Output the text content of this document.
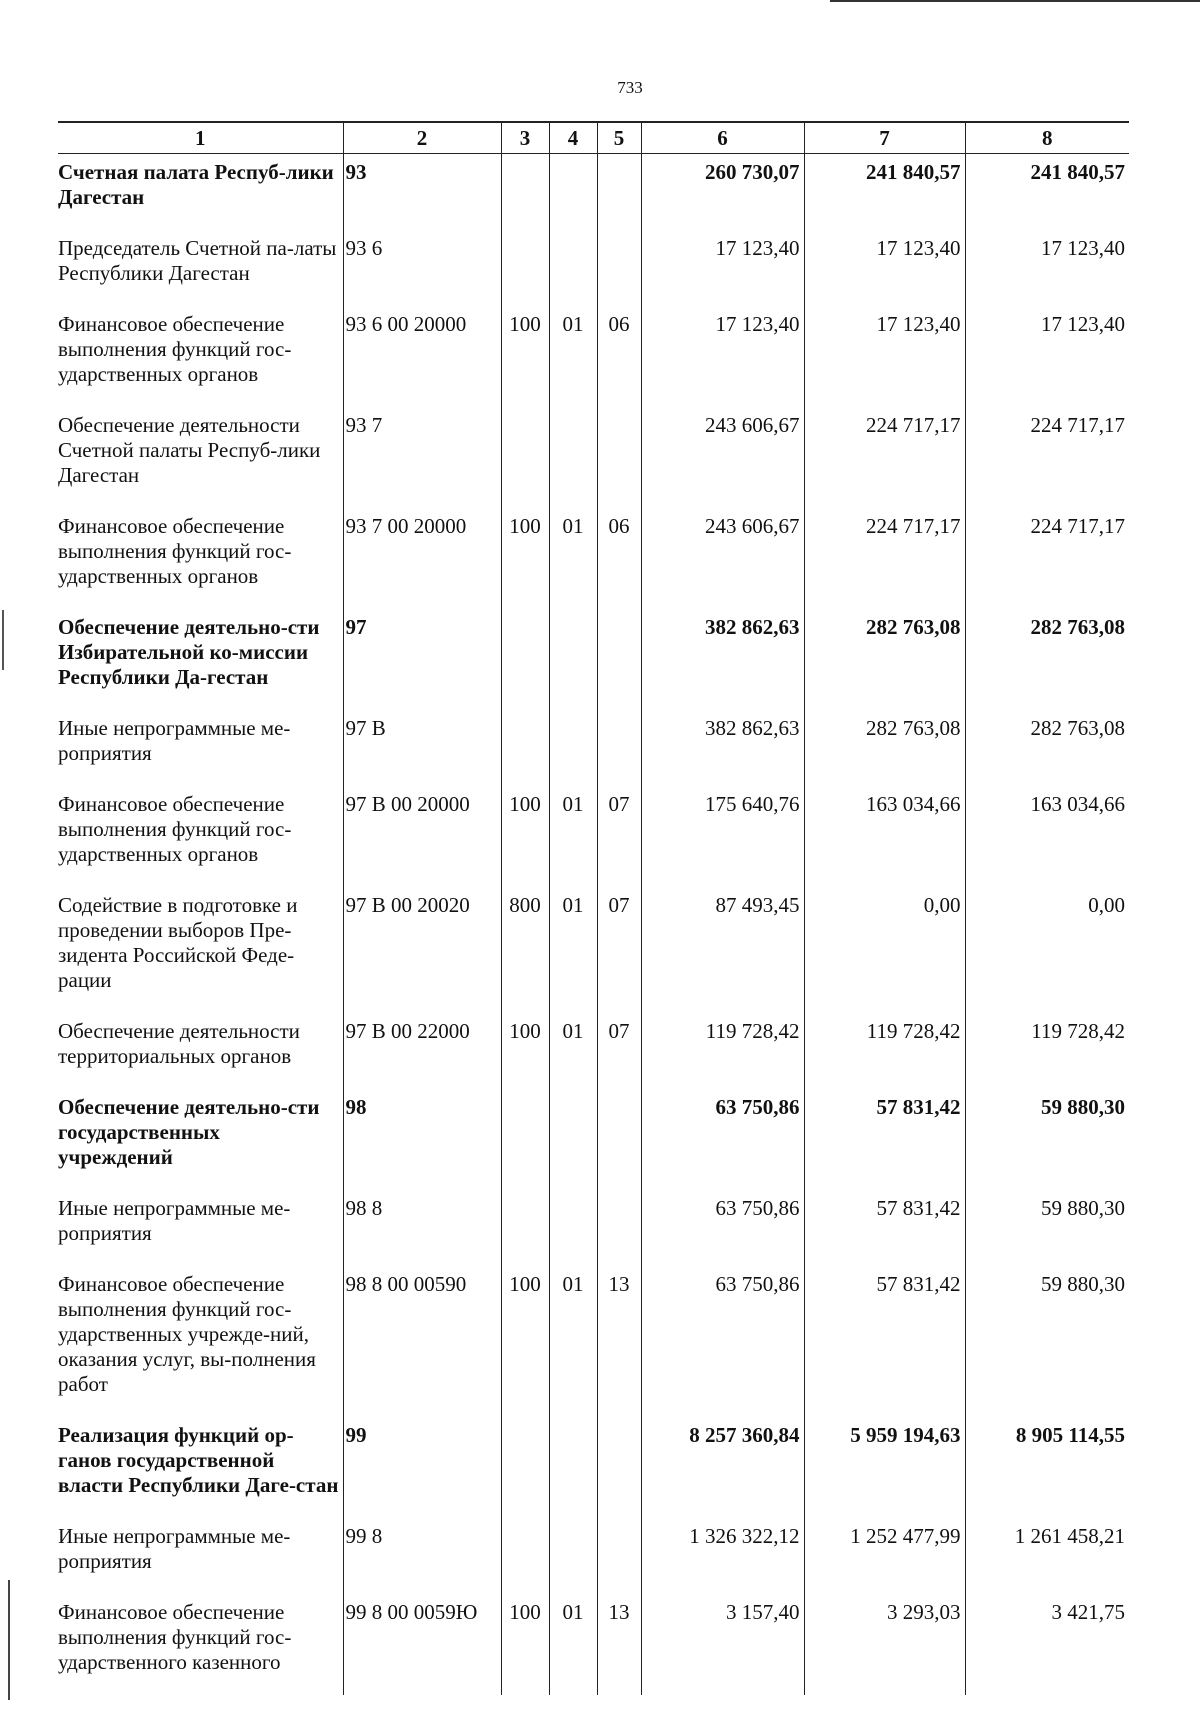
733
1	2	3	4	5	6	7	8
Счетная палата Респуб-лики Дагестан	93				260 730,07	241 840,57	241 840,57
Председатель Счетной па-латы Республики Дагестан	93 6				17 123,40	17 123,40	17 123,40
Финансовое обеспечение выполнения функций гос-ударственных органов	93 6 00 20000	100	01	06	17 123,40	17 123,40	17 123,40
Обеспечение деятельности Счетной палаты Респуб-лики Дагестан	93 7				243 606,67	224 717,17	224 717,17
Финансовое обеспечение выполнения функций гос-ударственных органов	93 7 00 20000	100	01	06	243 606,67	224 717,17	224 717,17
Обеспечение деятельно-сти Избирательной ко-миссии Республики Да-гестан	97				382 862,63	282 763,08	282 763,08
Иные непрограммные ме-роприятия	97 В				382 862,63	282 763,08	282 763,08
Финансовое обеспечение выполнения функций гос-ударственных органов	97 В 00 20000	100	01	07	175 640,76	163 034,66	163 034,66
Содействие в подготовке и проведении выборов Пре-зидента Российской Феде-рации	97 В 00 20020	800	01	07	87 493,45	0,00	0,00
Обеспечение деятельности территориальных органов	97 В 00 22000	100	01	07	119 728,42	119 728,42	119 728,42
Обеспечение деятельно-сти государственных учреждений	98				63 750,86	57 831,42	59 880,30
Иные непрограммные ме-роприятия	98 8				63 750,86	57 831,42	59 880,30
Финансовое обеспечение выполнения функций гос-ударственных учрежде-ний, оказания услуг, вы-полнения работ	98 8 00 00590	100	01	13	63 750,86	57 831,42	59 880,30
Реализация функций ор-ганов государственной власти Республики Даге-стан	99				8 257 360,84	5 959 194,63	8 905 114,55
Иные непрограммные ме-роприятия	99 8				1 326 322,12	1 252 477,99	1 261 458,21
Финансовое обеспечение выполнения функций гос-ударственного казенного	99 8 00 0059Ю	100	01	13	3 157,40	3 293,03	3 421,75
